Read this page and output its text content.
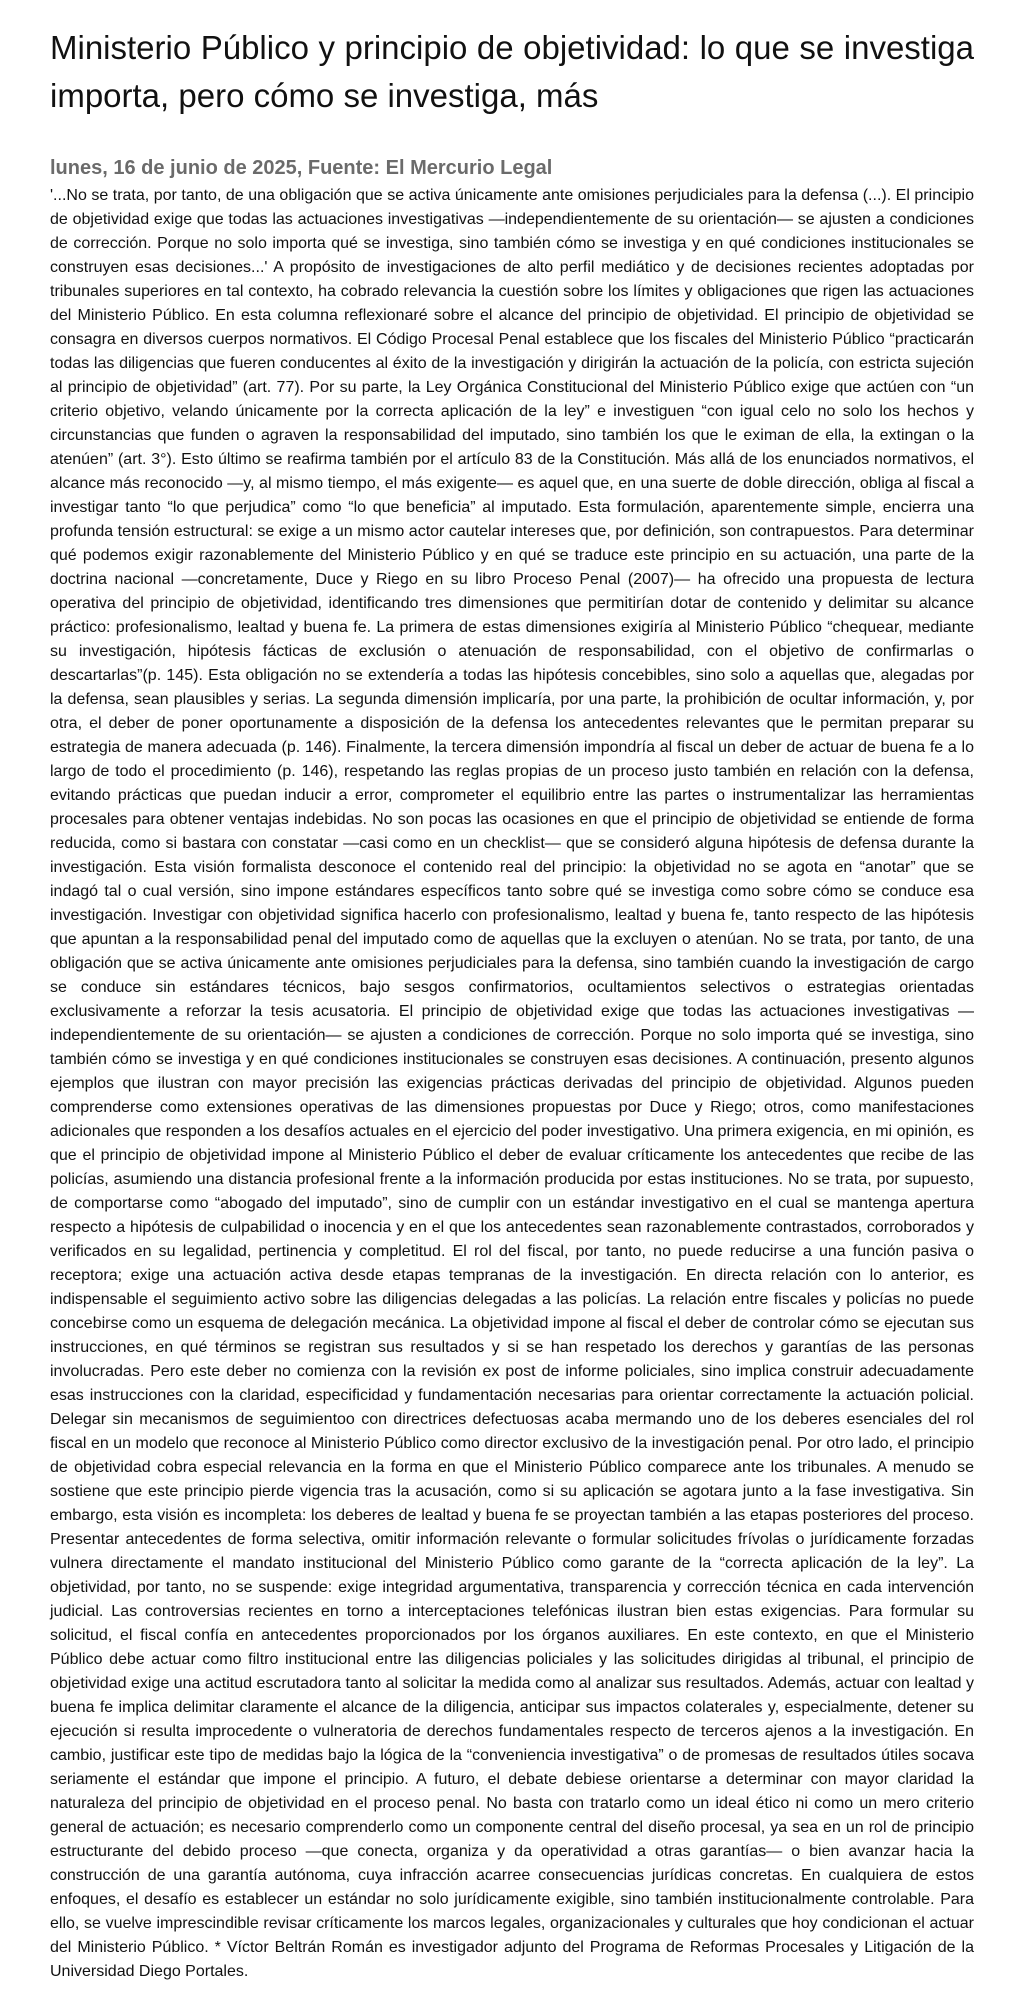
Ministerio Público y principio de objetividad: lo que se investiga importa, pero cómo se investiga, más
lunes, 16 de junio de 2025, Fuente: El Mercurio Legal

'...No se trata, por tanto, de una obligación que se activa únicamente ante omisiones perjudiciales para la defensa (...). El principio de objetividad exige que todas las actuaciones investigativas —independientemente de su orientación— se ajusten a condiciones de corrección. Porque no solo importa qué se investiga, sino también cómo se investiga y en qué condiciones institucionales se construyen esas decisiones...' A propósito de investigaciones de alto perfil mediático y de decisiones recientes adoptadas por tribunales superiores en tal contexto, ha cobrado relevancia la cuestión sobre los límites y obligaciones que rigen las actuaciones del Ministerio Público. En esta columna reflexionaré sobre el alcance del principio de objetividad. El principio de objetividad se consagra en diversos cuerpos normativos. El Código Procesal Penal establece que los fiscales del Ministerio Público “practicarán todas las diligencias que fueren conducentes al éxito de la investigación y dirigirán la actuación de la policía, con estricta sujeción al principio de objetividad” (art. 77). Por su parte, la Ley Orgánica Constitucional del Ministerio Público exige que actúen con “un criterio objetivo, velando únicamente por la correcta aplicación de la ley” e investiguen “con igual celo no solo los hechos y circunstancias que funden o agraven la responsabilidad del imputado, sino también los que le eximan de ella, la extingan o la atenúen” (art. 3°). Esto último se reafirma también por el artículo 83 de la Constitución. Más allá de los enunciados normativos, el alcance más reconocido —y, al mismo tiempo, el más exigente— es aquel que, en una suerte de doble dirección, obliga al fiscal a investigar tanto “lo que perjudica” como “lo que beneficia” al imputado. Esta formulación, aparentemente simple, encierra una profunda tensión estructural: se exige a un mismo actor cautelar intereses que, por definición, son contrapuestos. Para determinar qué podemos exigir razonablemente del Ministerio Público y en qué se traduce este principio en su actuación, una parte de la doctrina nacional —concretamente, Duce y Riego en su libro Proceso Penal (2007)— ha ofrecido una propuesta de lectura operativa del principio de objetividad, identificando tres dimensiones que permitirían dotar de contenido y delimitar su alcance práctico: profesionalismo, lealtad y buena fe. La primera de estas dimensiones exigiría al Ministerio Público “chequear, mediante su investigación, hipótesis fácticas de exclusión o atenuación de responsabilidad, con el objetivo de confirmarlas o descartarlas”(p. 145). Esta obligación no se extendería a todas las hipótesis concebibles, sino solo a aquellas que, alegadas por la defensa, sean plausibles y serias. La segunda dimensión implicaría, por una parte, la prohibición de ocultar información, y, por otra, el deber de poner oportunamente a disposición de la defensa los antecedentes relevantes que le permitan preparar su estrategia de manera adecuada (p. 146). Finalmente, la tercera dimensión impondría al fiscal un deber de actuar de buena fe a lo largo de todo el procedimiento (p. 146), respetando las reglas propias de un proceso justo también en relación con la defensa, evitando prácticas que puedan inducir a error, comprometer el equilibrio entre las partes o instrumentalizar las herramientas procesales para obtener ventajas indebidas. No son pocas las ocasiones en que el principio de objetividad se entiende de forma reducida, como si bastara con constatar —casi como en un checklist— que se consideró alguna hipótesis de defensa durante la investigación. Esta visión formalista desconoce el contenido real del principio: la objetividad no se agota en “anotar” que se indagó tal o cual versión, sino impone estándares específicos tanto sobre qué se investiga como sobre cómo se conduce esa investigación. Investigar con objetividad significa hacerlo con profesionalismo, lealtad y buena fe, tanto respecto de las hipótesis que apuntan a la responsabilidad penal del imputado como de aquellas que la excluyen o atenúan. No se trata, por tanto, de una obligación que se activa únicamente ante omisiones perjudiciales para la defensa, sino también cuando la investigación de cargo se conduce sin estándares técnicos, bajo sesgos confirmatorios, ocultamientos selectivos o estrategias orientadas exclusivamente a reforzar la tesis acusatoria. El principio de objetividad exige que todas las actuaciones investigativas —independientemente de su orientación— se ajusten a condiciones de corrección. Porque no solo importa qué se investiga, sino también cómo se investiga y en qué condiciones institucionales se construyen esas decisiones. A continuación, presento algunos ejemplos que ilustran con mayor precisión las exigencias prácticas derivadas del principio de objetividad. Algunos pueden comprenderse como extensiones operativas de las dimensiones propuestas por Duce y Riego; otros, como manifestaciones adicionales que responden a los desafíos actuales en el ejercicio del poder investigativo. Una primera exigencia, en mi opinión, es que el principio de objetividad impone al Ministerio Público el deber de evaluar críticamente los antecedentes que recibe de las policías, asumiendo una distancia profesional frente a la información producida por estas instituciones. No se trata, por supuesto, de comportarse como “abogado del imputado”, sino de cumplir con un estándar investigativo en el cual se mantenga apertura respecto a hipótesis de culpabilidad o inocencia y en el que los antecedentes sean razonablemente contrastados, corroborados y verificados en su legalidad, pertinencia y completitud. El rol del fiscal, por tanto, no puede reducirse a una función pasiva o receptora; exige una actuación activa desde etapas tempranas de la investigación. En directa relación con lo anterior, es indispensable el seguimiento activo sobre las diligencias delegadas a las policías. La relación entre fiscales y policías no puede concebirse como un esquema de delegación mecánica. La objetividad impone al fiscal el deber de controlar cómo se ejecutan sus instrucciones, en qué términos se registran sus resultados y si se han respetado los derechos y garantías de las personas involucradas. Pero este deber no comienza con la revisión ex post de informe policiales, sino implica construir adecuadamente esas instrucciones con la claridad, especificidad y fundamentación necesarias para orientar correctamente la actuación policial. Delegar sin mecanismos de seguimientoo con directrices defectuosas acaba mermando uno de los deberes esenciales del rol fiscal en un modelo que reconoce al Ministerio Público como director exclusivo de la investigación penal. Por otro lado, el principio de objetividad cobra especial relevancia en la forma en que el Ministerio Público comparece ante los tribunales. A menudo se sostiene que este principio pierde vigencia tras la acusación, como si su aplicación se agotara junto a la fase investigativa. Sin embargo, esta visión es incompleta: los deberes de lealtad y buena fe se proyectan también a las etapas posteriores del proceso. Presentar antecedentes de forma selectiva, omitir información relevante o formular solicitudes frívolas o jurídicamente forzadas vulnera directamente el mandato institucional del Ministerio Público como garante de la “correcta aplicación de la ley”. La objetividad, por tanto, no se suspende: exige integridad argumentativa, transparencia y corrección técnica en cada intervención judicial. Las controversias recientes en torno a interceptaciones telefónicas ilustran bien estas exigencias. Para formular su solicitud, el fiscal confía en antecedentes proporcionados por los órganos auxiliares. En este contexto, en que el Ministerio Público debe actuar como filtro institucional entre las diligencias policiales y las solicitudes dirigidas al tribunal, el principio de objetividad exige una actitud escrutadora tanto al solicitar la medida como al analizar sus resultados. Además, actuar con lealtad y buena fe implica delimitar claramente el alcance de la diligencia, anticipar sus impactos colaterales y, especialmente, detener su ejecución si resulta improcedente o vulneratoria de derechos fundamentales respecto de terceros ajenos a la investigación. En cambio, justificar este tipo de medidas bajo la lógica de la “conveniencia investigativa” o de promesas de resultados útiles socava seriamente el estándar que impone el principio. A futuro, el debate debiese orientarse a determinar con mayor claridad la naturaleza del principio de objetividad en el proceso penal. No basta con tratarlo como un ideal ético ni como un mero criterio general de actuación; es necesario comprenderlo como un componente central del diseño procesal, ya sea en un rol de principio estructurante del debido proceso —que conecta, organiza y da operatividad a otras garantías— o bien avanzar hacia la construcción de una garantía autónoma, cuya infracción acarree consecuencias jurídicas concretas. En cualquiera de estos enfoques, el desafío es establecer un estándar no solo jurídicamente exigible, sino también institucionalmente controlable. Para ello, se vuelve imprescindible revisar críticamente los marcos legales, organizacionales y culturales que hoy condicionan el actuar del Ministerio Público. * Víctor Beltrán Román es investigador adjunto del Programa de Reformas Procesales y Litigación de la Universidad Diego Portales.
